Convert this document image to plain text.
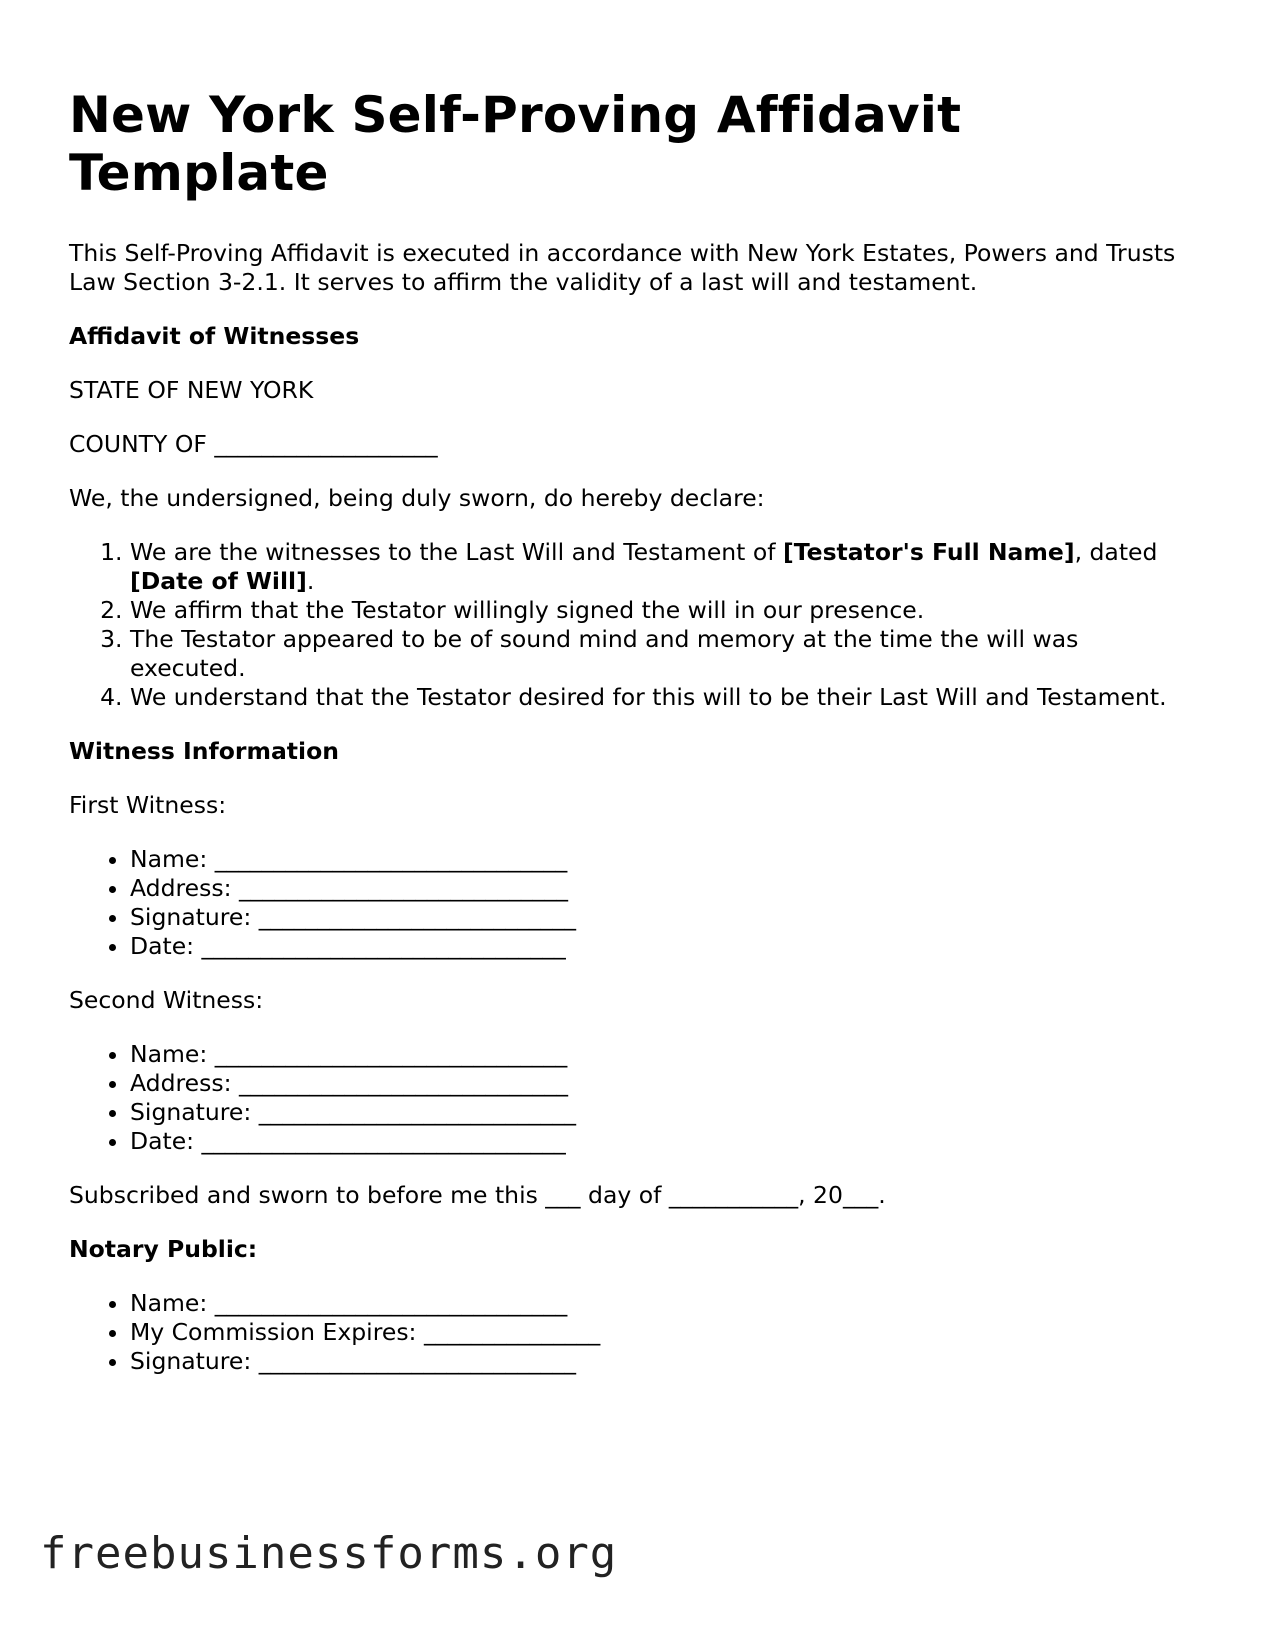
New York Self-Proving Affidavit Template

This Self-Proving Affidavit is executed in accordance with New York Estates, Powers and Trusts Law Section 3-2.1. It serves to affirm the validity of a last will and testament.

Affidavit of Witnesses

STATE OF NEW YORK

COUNTY OF ___________________

We, the undersigned, being duly sworn, do hereby declare:

1. We are the witnesses to the Last Will and Testament of [Testator's Full Name], dated [Date of Will].
2. We affirm that the Testator willingly signed the will in our presence.
3. The Testator appeared to be of sound mind and memory at the time the will was executed.
4. We understand that the Testator desired for this will to be their Last Will and Testament.

Witness Information

First Witness:

• Name: ______________________________
• Address: ____________________________
• Signature: ___________________________
• Date: _______________________________

Second Witness:

• Name: ______________________________
• Address: ____________________________
• Signature: ___________________________
• Date: _______________________________

Subscribed and sworn to before me this ___ day of ___________, 20___.

Notary Public:

• Name: ______________________________
• My Commission Expires: _______________
• Signature: ___________________________
freebusinessforms.org
